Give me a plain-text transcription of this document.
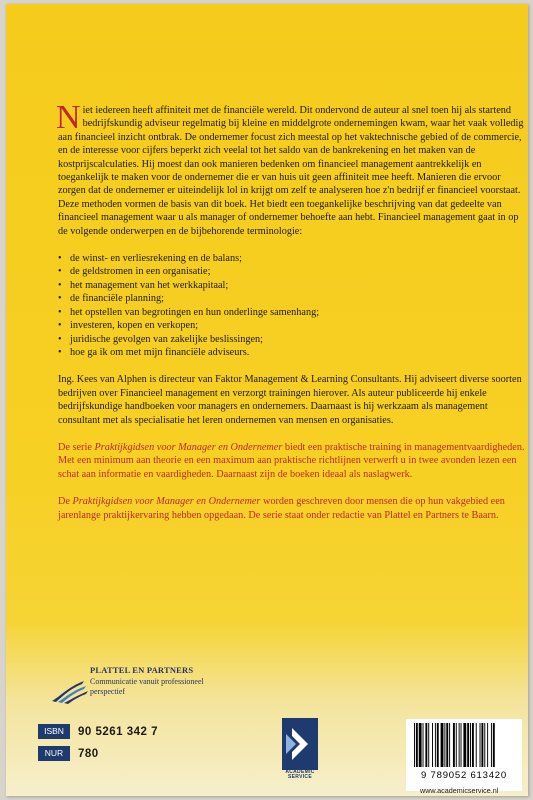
Niet iedereen heeft affiniteit met de financiële wereld. Dit ondervond de auteur al snel toen hij als startend bedrijfskundig adviseur regelmatig bij kleine en middelgrote ondernemingen kwam, waar het vaak volledig aan financieel inzicht ontbrak. De ondernemer focust zich meestal op het vaktechnische gebied of de commercie, en de interesse voor cijfers beperkt zich veelal tot het saldo van de bankrekening en het maken van de kostprijscalculaties. Hij moest dan ook manieren bedenken om financieel management aantrekkelijk en toegankelijk te maken voor de ondernemer die er van huis uit geen affiniteit mee heeft. Manieren die ervoor zorgen dat de ondernemer er uiteindelijk lol in krijgt om zelf te analyseren hoe z'n bedrijf er financieel voorstaat. Deze methoden vormen de basis van dit boek. Het biedt een toegankelijke beschrijving van dat gedeelte van financieel management waar u als manager of ondernemer behoefte aan hebt. Financieel management gaat in op de volgende onderwerpen en de bijbehorende terminologie:

• de winst- en verliesrekening en de balans;
• de geldstromen in een organisatie;
• het management van het werkkapitaal;
• de financiële planning;
• het opstellen van begrotingen en hun onderlinge samenhang;
• investeren, kopen en verkopen;
• juridische gevolgen van zakelijke beslissingen;
• hoe ga ik om met mijn financiële adviseurs.

Ing. Kees van Alphen is directeur van Faktor Management & Learning Consultants. Hij adviseert diverse soorten bedrijven over Financieel management en verzorgt trainingen hierover. Als auteur publiceerde hij enkele bedrijfskundige handboeken voor managers en ondernemers. Daarnaast is hij werkzaam als management consultant met als specialisatie het leren ondernemen van mensen en organisaties.

De serie Praktijkgidsen voor Manager en Ondernemer biedt een praktische training in managementvaardigheden. Met een minimum aan theorie en een maximum aan praktische richtlijnen verwerft u in twee avonden lezen een schat aan informatie en vaardigheden. Daarnaast zijn de boeken ideaal als naslagwerk.

De Praktijkgidsen voor Manager en Ondernemer worden geschreven door mensen die op hun vakgebied een jarenlange praktijkervaring hebben opgedaan. De serie staat onder redactie van Plattel en Partners te Baarn.

PLATTEL EN PARTNERS
Communicatie vanuit professioneel perspectief
ISBN	90 5261 342 7
NUR	780
ACADEMIC
SERVICE	9 789052 613420
www.academicservice.nl
